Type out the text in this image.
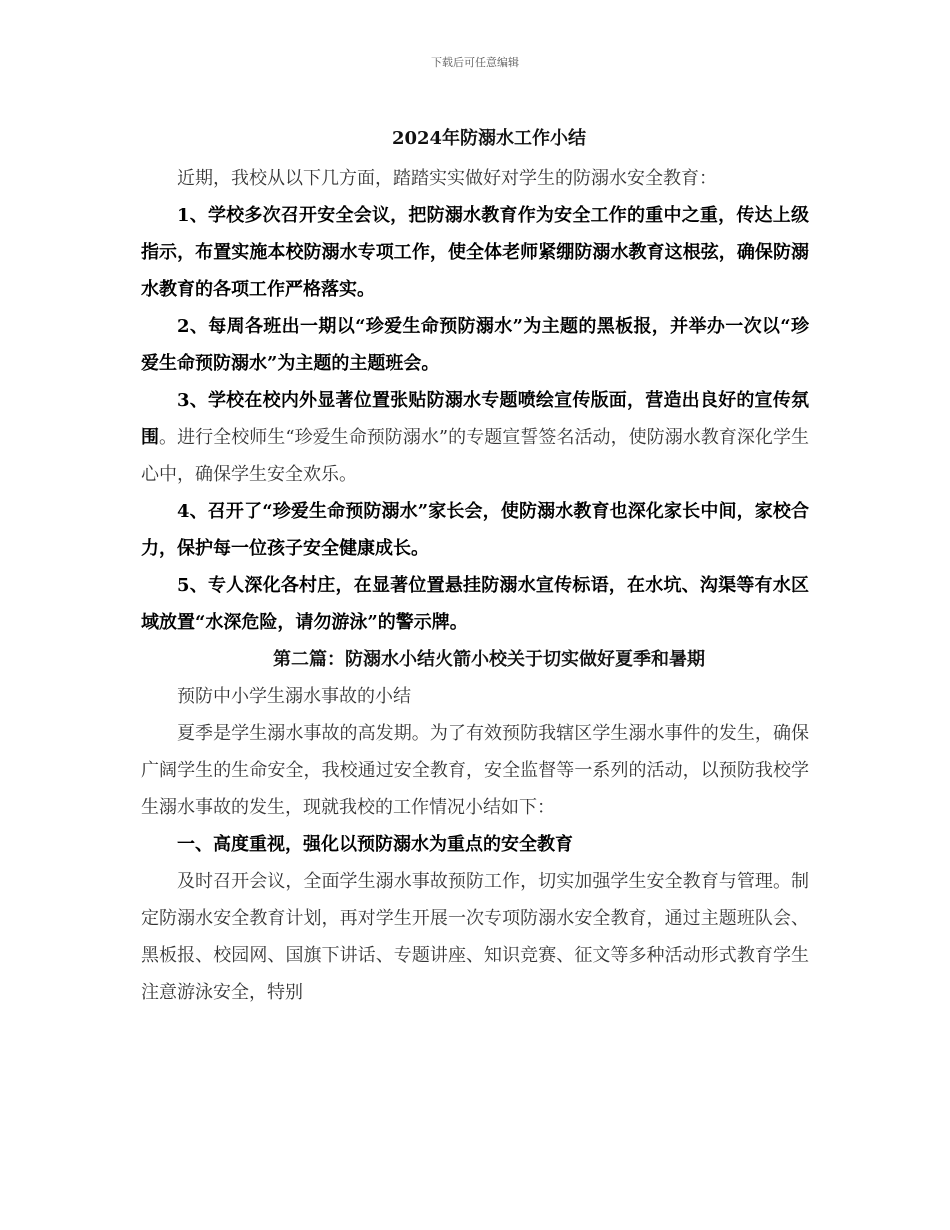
下载后可任意编辑
2024年防溺水工作小结

近期，我校从以下几方面，踏踏实实做好对学生的防溺水安全教育：

1、学校多次召开安全会议，把防溺水教育作为安全工作的重中之重，传达上级指示，布置实施本校防溺水专项工作，使全体老师紧绷防溺水教育这根弦，确保防溺水教育的各项工作严格落实。

2、每周各班出一期以“珍爱生命预防溺水”为主题的黑板报，并举办一次以“珍爱生命预防溺水”为主题的主题班会。

3、学校在校内外显著位置张贴防溺水专题喷绘宣传版面，营造出良好的宣传氛围。进行全校师生“珍爱生命预防溺水”的专题宣誓签名活动，使防溺水教育深化学生心中，确保学生安全欢乐。

4、召开了“珍爱生命预防溺水”家长会，使防溺水教育也深化家长中间，家校合力，保护每一位孩子安全健康成长。

5、专人深化各村庄，在显著位置悬挂防溺水宣传标语，在水坑、沟渠等有水区域放置“水深危险，请勿游泳”的警示牌。

第二篇：防溺水小结火箭小校关于切实做好夏季和暑期

预防中小学生溺水事故的小结

夏季是学生溺水事故的高发期。为了有效预防我辖区学生溺水事件的发生，确保广阔学生的生命安全，我校通过安全教育，安全监督等一系列的活动，以预防我校学生溺水事故的发生，现就我校的工作情况小结如下：

一、高度重视，强化以预防溺水为重点的安全教育

及时召开会议，全面学生溺水事故预防工作，切实加强学生安全教育与管理。制定防溺水安全教育计划，再对学生开展一次专项防溺水安全教育，通过主题班队会、黑板报、校园网、国旗下讲话、专题讲座、知识竞赛、征文等多种活动形式教育学生注意游泳安全，特别
